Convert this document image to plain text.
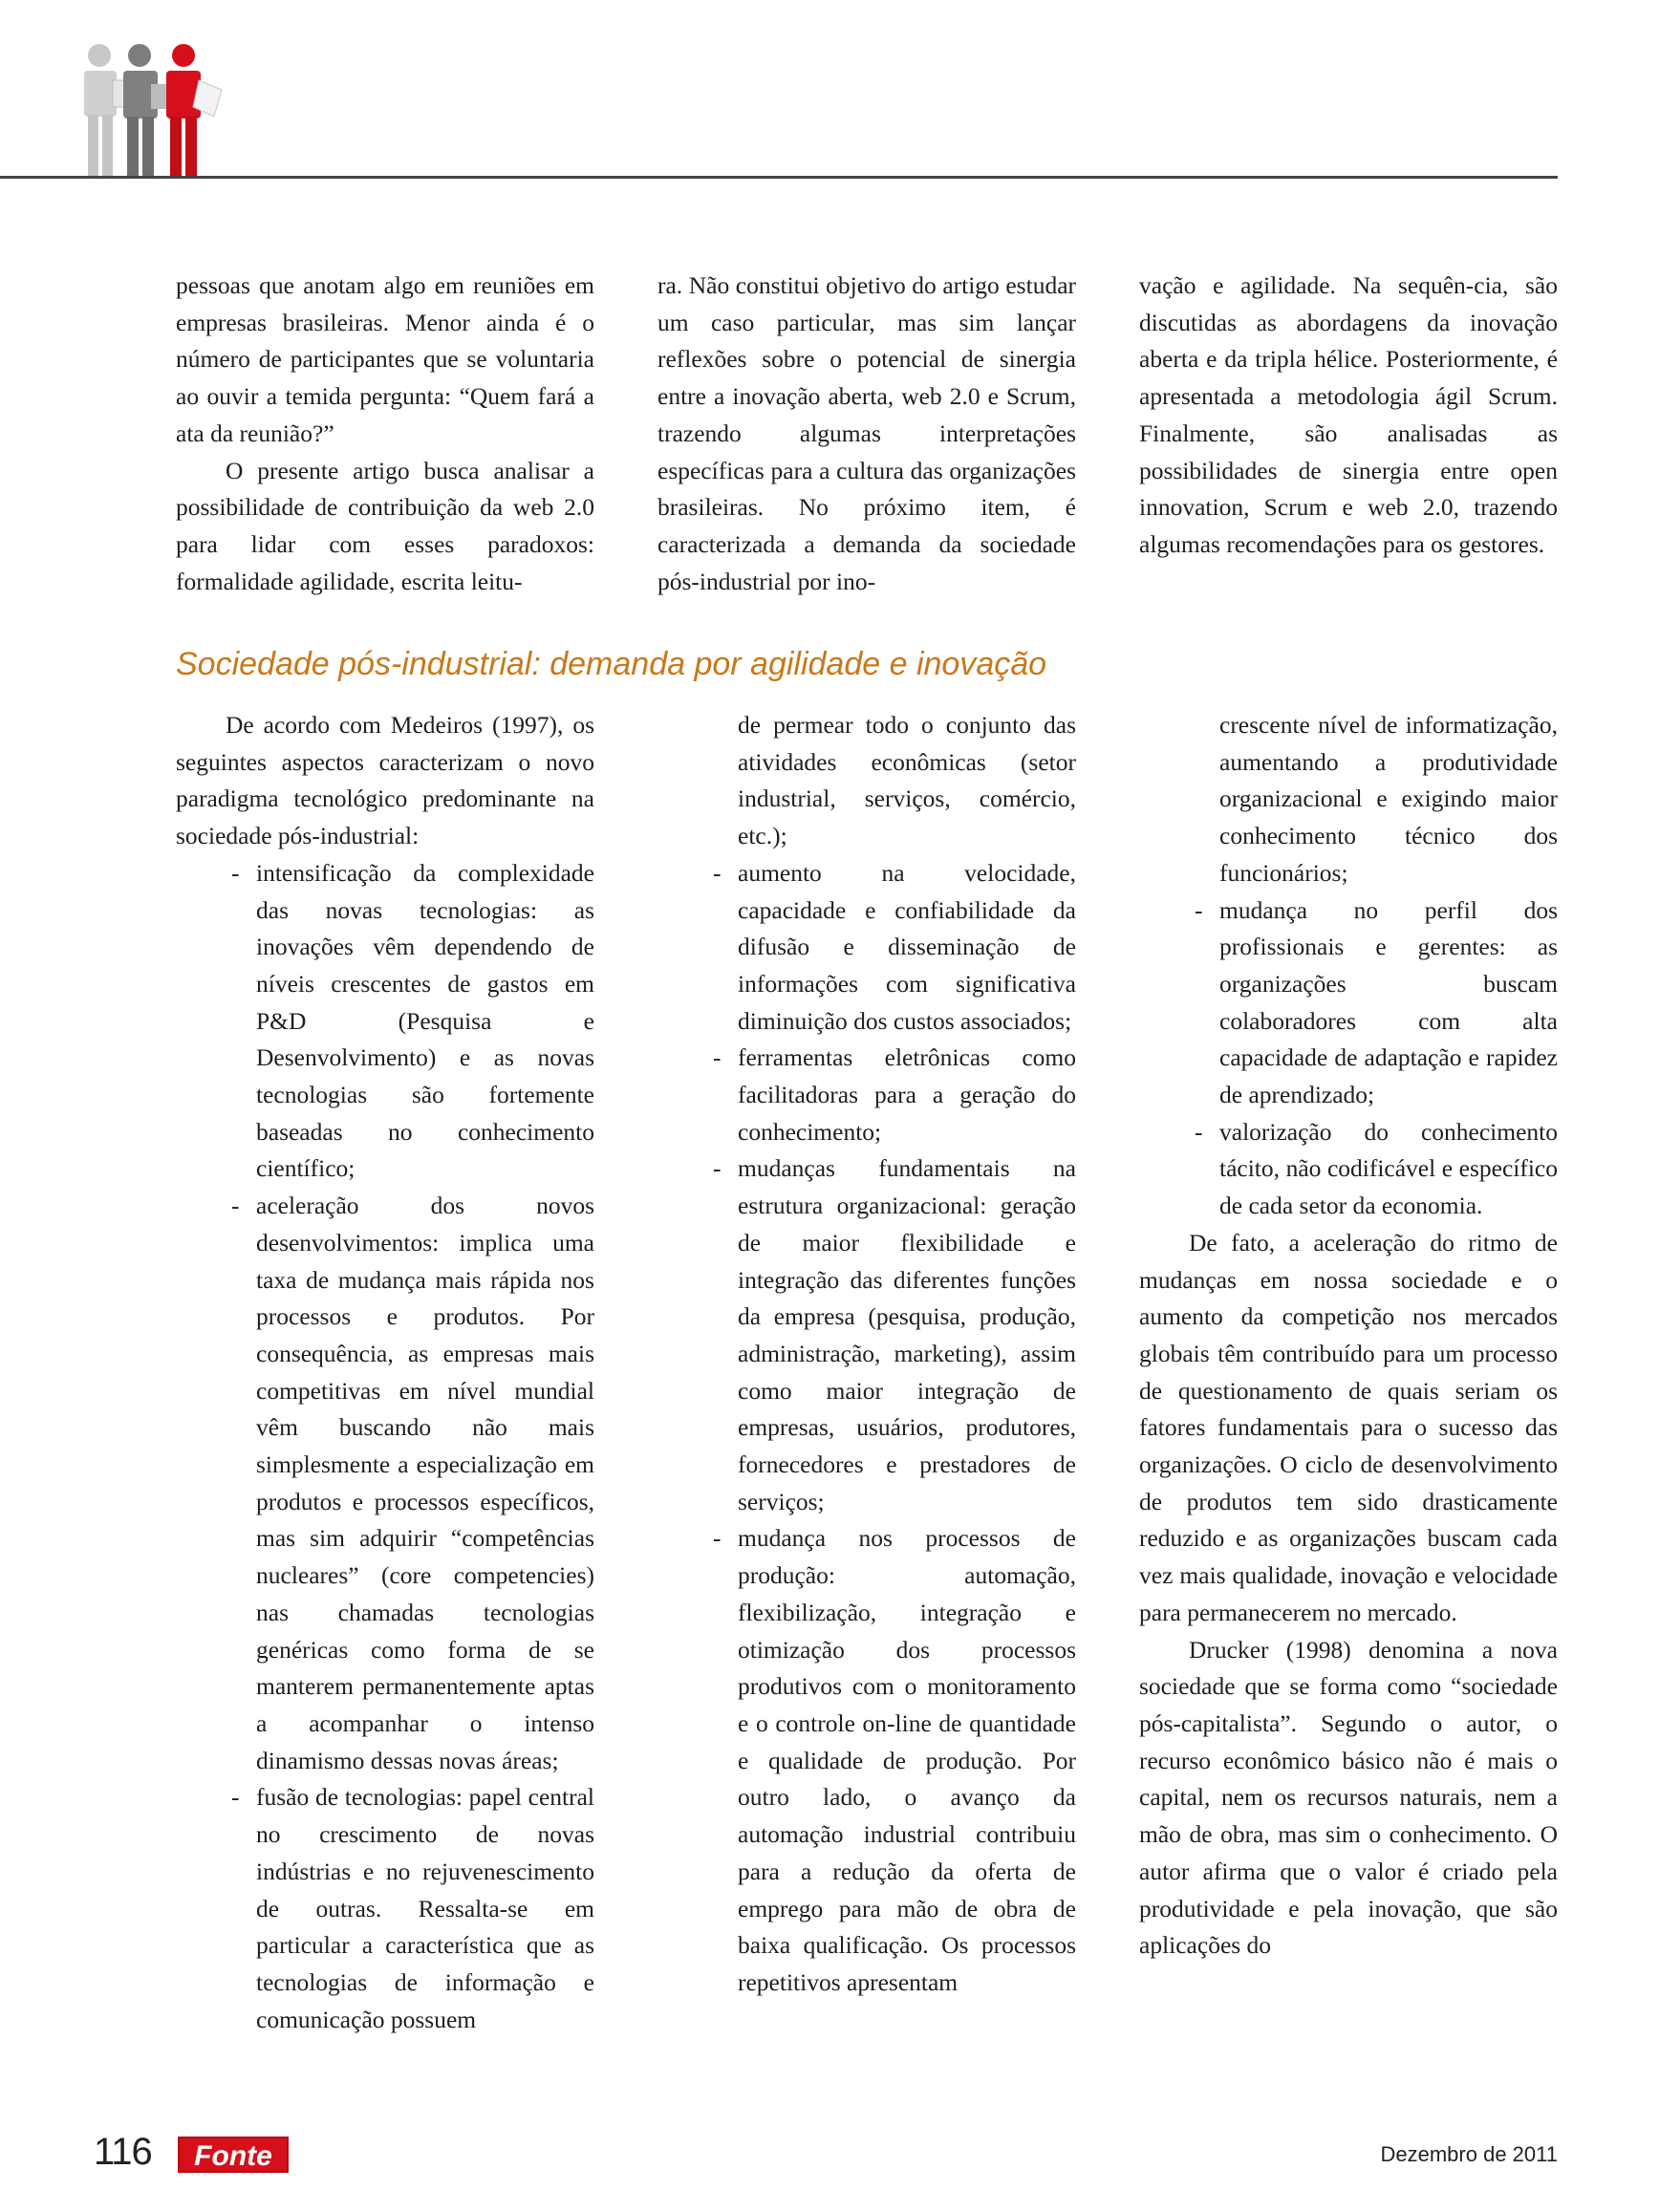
pessoas que anotam algo em reuniões em empresas brasileiras. Menor ainda é o número de participantes que se voluntaria ao ouvir a temida pergunta: “Quem fará a ata da reunião?”

O presente artigo busca analisar a possibilidade de contribuição da web 2.0 para lidar com esses paradoxos: formalidade agilidade, escrita leitu-

ra. Não constitui objetivo do artigo estudar um caso particular, mas sim lançar reflexões sobre o potencial de sinergia entre a inovação aberta, web 2.0 e Scrum, trazendo algumas interpretações específicas para a cultura das organizações brasileiras. No próximo item, é caracterizada a demanda da sociedade pós-industrial por ino-

vação e agilidade. Na sequên-cia, são discutidas as abordagens da inovação aberta e da tripla hélice. Posteriormente, é apresentada a metodologia ágil Scrum. Finalmente, são analisadas as possibilidades de sinergia entre open innovation, Scrum e web 2.0, trazendo algumas recomendações para os gestores.

Sociedade pós-industrial: demanda por agilidade e inovação

De acordo com Medeiros (1997), os seguintes aspectos caracterizam o novo paradigma tecnológico predominante na sociedade pós-industrial:

- intensificação da complexidade das novas tecnologias: as inovações vêm dependendo de níveis crescentes de gastos em P&D (Pesquisa e Desenvolvimento) e as novas tecnologias são fortemente baseadas no conhecimento científico;

- aceleração dos novos desenvolvimentos: implica uma taxa de mudança mais rápida nos processos e produtos. Por consequência, as empresas mais competitivas em nível mundial vêm buscando não mais simplesmente a especialização em produtos e processos específicos, mas sim adquirir “competências nucleares” (core competencies) nas chamadas tecnologias genéricas como forma de se manterem permanentemente aptas a acompanhar o intenso dinamismo dessas novas áreas;

- fusão de tecnologias: papel central no crescimento de novas indústrias e no rejuvenescimento de outras. Ressalta-se em particular a característica que as tecnologias de informação e comunicação possuem

de permear todo o conjunto das atividades econômicas (setor industrial, serviços, comércio, etc.);

- aumento na velocidade, capacidade e confiabilidade da difusão e disseminação de informações com significativa diminuição dos custos associados;

- ferramentas eletrônicas como facilitadoras para a geração do conhecimento;

- mudanças fundamentais na estrutura organizacional: geração de maior flexibilidade e integração das diferentes funções da empresa (pesquisa, produção, administração, marketing), assim como maior integração de empresas, usuários, produtores, fornecedores e prestadores de serviços;

- mudança nos processos de produção: automação, flexibilização, integração e otimização dos processos produtivos com o monitoramento e o controle on-line de quantidade e qualidade de produção. Por outro lado, o avanço da automação industrial contribuiu para a redução da oferta de emprego para mão de obra de baixa qualificação. Os processos repetitivos apresentam

crescente nível de informatização, aumentando a produtividade organizacional e exigindo maior conhecimento técnico dos funcionários;

- mudança no perfil dos profissionais e gerentes: as organizações buscam colaboradores com alta capacidade de adaptação e rapidez de aprendizado;

- valorização do conhecimento tácito, não codificável e específico de cada setor da economia.

De fato, a aceleração do ritmo de mudanças em nossa sociedade e o aumento da competição nos mercados globais têm contribuído para um processo de questionamento de quais seriam os fatores fundamentais para o sucesso das organizações. O ciclo de desenvolvimento de produtos tem sido drasticamente reduzido e as organizações buscam cada vez mais qualidade, inovação e velocidade para permanecerem no mercado.

Drucker (1998) denomina a nova sociedade que se forma como “sociedade pós-capitalista”. Segundo o autor, o recurso econômico básico não é mais o capital, nem os recursos naturais, nem a mão de obra, mas sim o conhecimento. O autor afirma que o valor é criado pela produtividade e pela inovação, que são aplicações do

116	Fonte	Dezembro de 2011
